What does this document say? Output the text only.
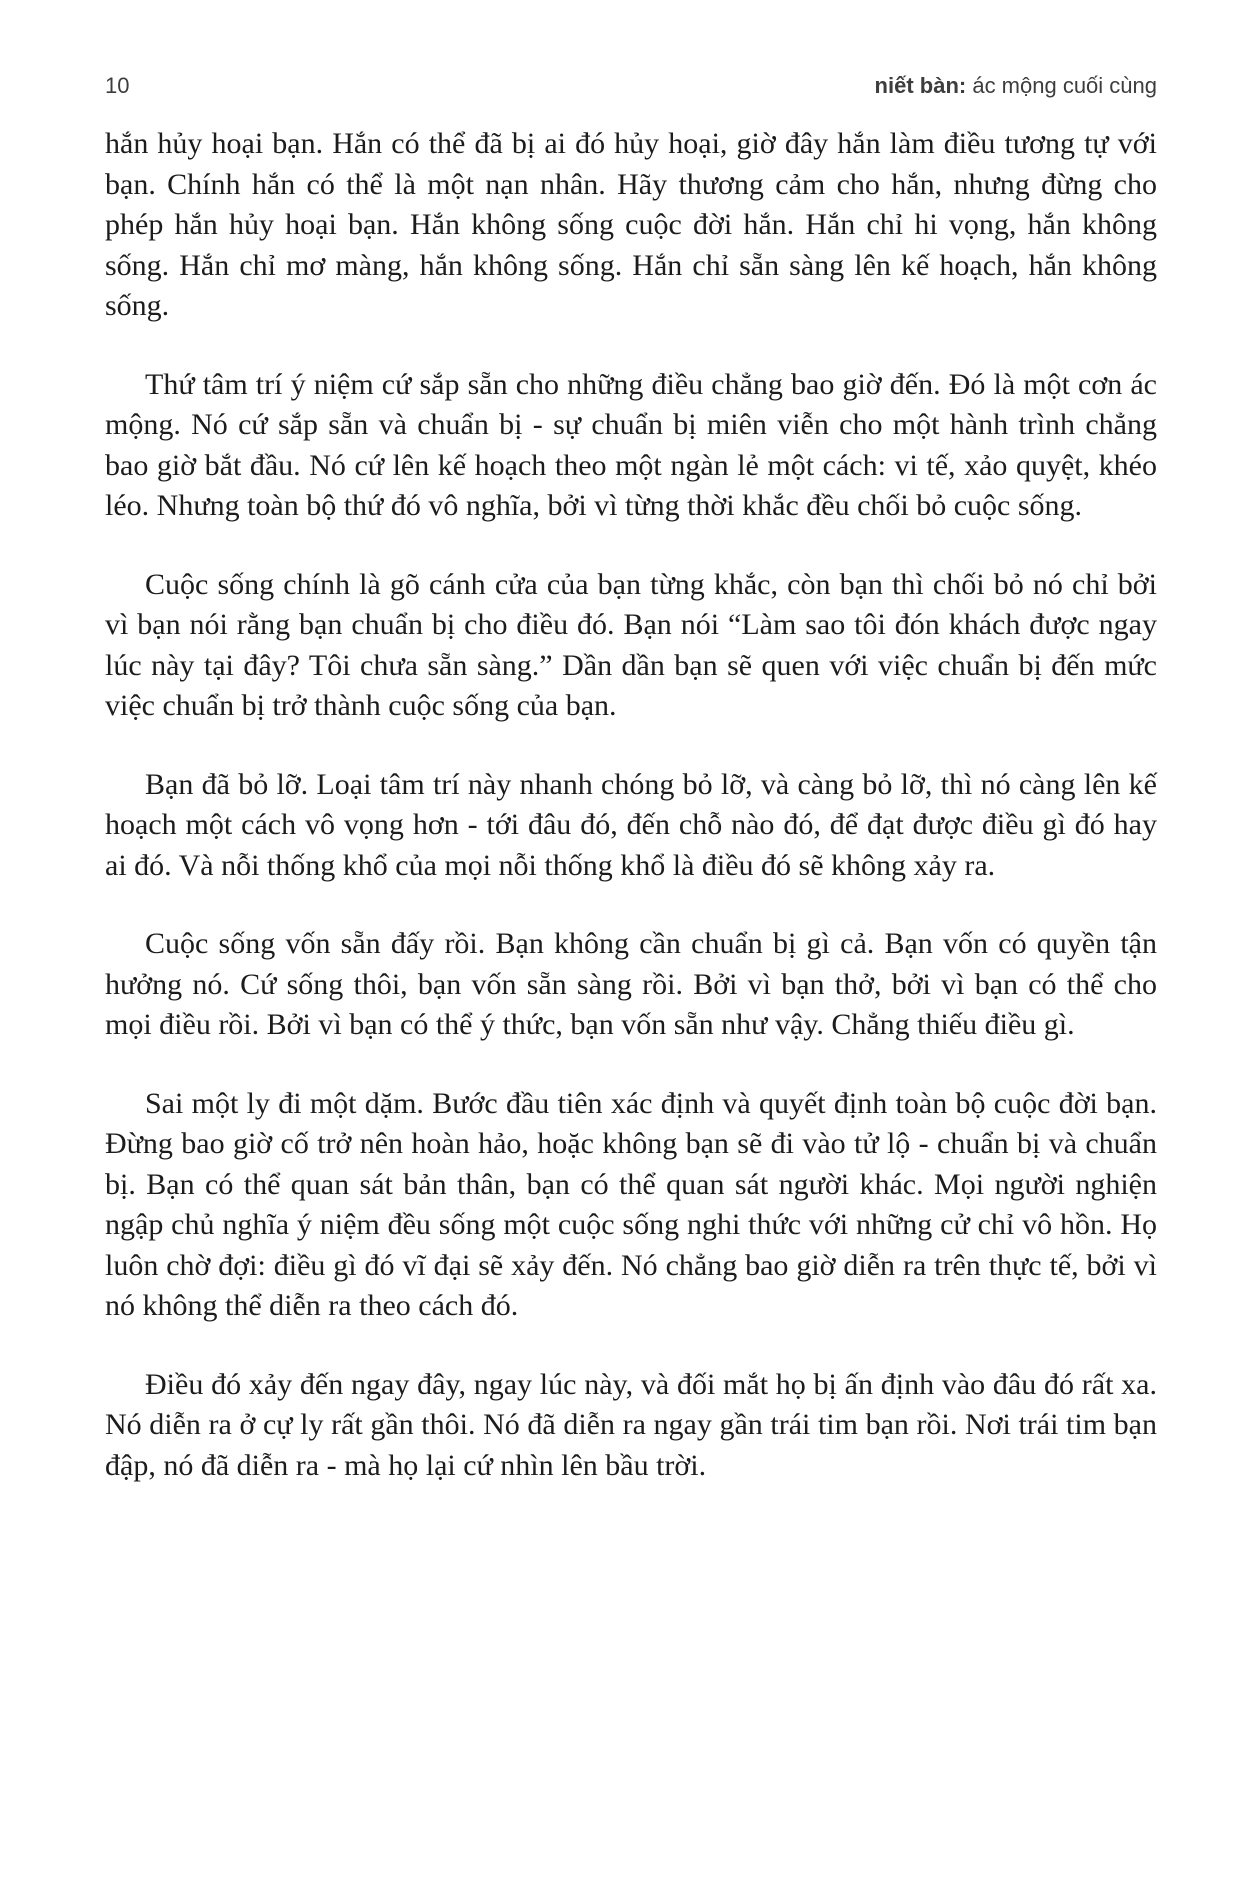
10	niết bàn: ác mộng cuối cùng

hắn hủy hoại bạn. Hắn có thể đã bị ai đó hủy hoại, giờ đây hắn làm điều tương tự với bạn. Chính hắn có thể là một nạn nhân. Hãy thương cảm cho hắn, nhưng đừng cho phép hắn hủy hoại bạn. Hắn không sống cuộc đời hắn. Hắn chỉ hi vọng, hắn không sống. Hắn chỉ mơ màng, hắn không sống. Hắn chỉ sẵn sàng lên kế hoạch, hắn không sống.

Thứ tâm trí ý niệm cứ sắp sẵn cho những điều chẳng bao giờ đến. Đó là một cơn ác mộng. Nó cứ sắp sẵn và chuẩn bị - sự chuẩn bị miên viễn cho một hành trình chẳng bao giờ bắt đầu. Nó cứ lên kế hoạch theo một ngàn lẻ một cách: vi tế, xảo quyệt, khéo léo. Nhưng toàn bộ thứ đó vô nghĩa, bởi vì từng thời khắc đều chối bỏ cuộc sống.

Cuộc sống chính là gõ cánh cửa của bạn từng khắc, còn bạn thì chối bỏ nó chỉ bởi vì bạn nói rằng bạn chuẩn bị cho điều đó. Bạn nói “Làm sao tôi đón khách được ngay lúc này tại đây? Tôi chưa sẵn sàng.” Dần dần bạn sẽ quen với việc chuẩn bị đến mức việc chuẩn bị trở thành cuộc sống của bạn.

Bạn đã bỏ lỡ. Loại tâm trí này nhanh chóng bỏ lỡ, và càng bỏ lỡ, thì nó càng lên kế hoạch một cách vô vọng hơn - tới đâu đó, đến chỗ nào đó, để đạt được điều gì đó hay ai đó. Và nỗi thống khổ của mọi nỗi thống khổ là điều đó sẽ không xảy ra.

Cuộc sống vốn sẵn đấy rồi. Bạn không cần chuẩn bị gì cả. Bạn vốn có quyền tận hưởng nó. Cứ sống thôi, bạn vốn sẵn sàng rồi. Bởi vì bạn thở, bởi vì bạn có thể cho mọi điều rồi. Bởi vì bạn có thể ý thức, bạn vốn sẵn như vậy. Chẳng thiếu điều gì.

Sai một ly đi một dặm. Bước đầu tiên xác định và quyết định toàn bộ cuộc đời bạn. Đừng bao giờ cố trở nên hoàn hảo, hoặc không bạn sẽ đi vào tử lộ - chuẩn bị và chuẩn bị. Bạn có thể quan sát bản thân, bạn có thể quan sát người khác. Mọi người nghiện ngập chủ nghĩa ý niệm đều sống một cuộc sống nghi thức với những cử chỉ vô hồn. Họ luôn chờ đợi: điều gì đó vĩ đại sẽ xảy đến. Nó chẳng bao giờ diễn ra trên thực tế, bởi vì nó không thể diễn ra theo cách đó.

Điều đó xảy đến ngay đây, ngay lúc này, và đối mắt họ bị ấn định vào đâu đó rất xa. Nó diễn ra ở cự ly rất gần thôi. Nó đã diễn ra ngay gần trái tim bạn rồi. Nơi trái tim bạn đập, nó đã diễn ra - mà họ lại cứ nhìn lên bầu trời.
